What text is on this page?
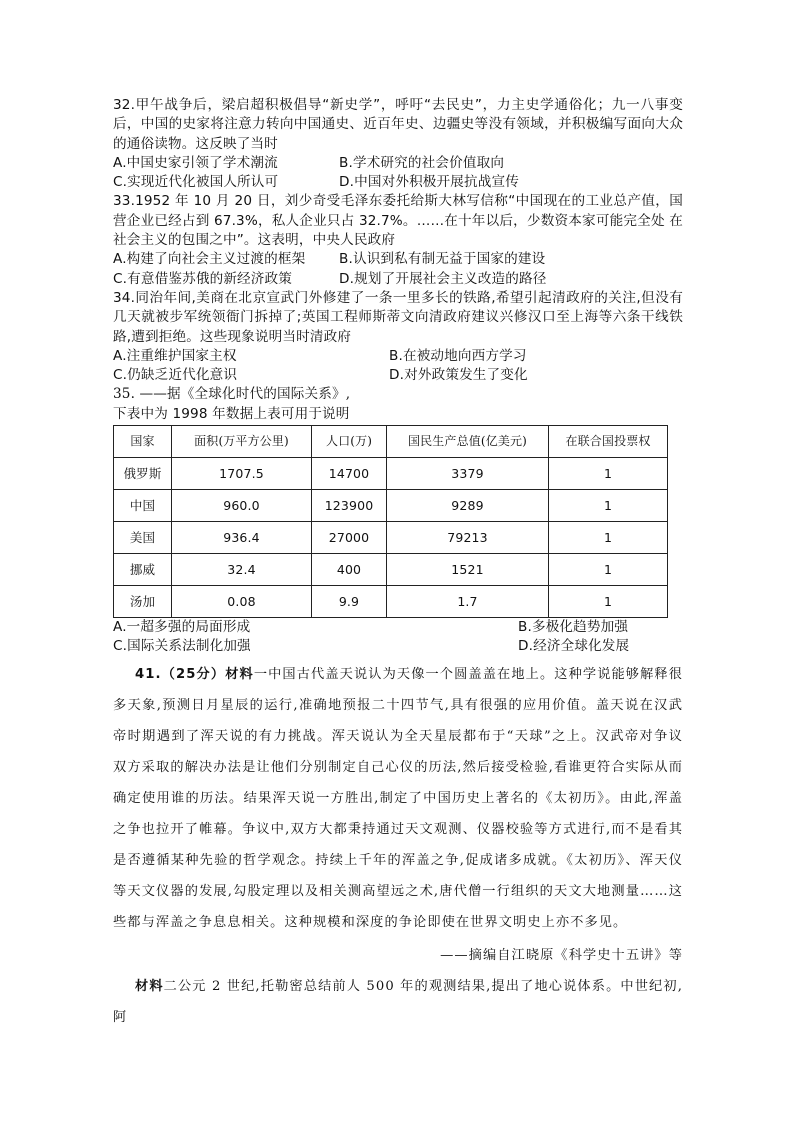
32.甲午战争后，梁启超积极倡导“新史学”，呼吁“去民史”，力主史学通俗化；九一八事变后，中国的史家将注意力转向中国通史、近百年史、边疆史等没有领域，并积极编写面向大众的通俗读物。这反映了当时

A.中国史家引领了学术潮流	B.学术研究的社会价值取向
C.实现近代化被国人所认可	D.中国对外积极开展抗战宣传

33.1952 年 10 月 20 日，刘少奇受毛泽东委托给斯大林写信称“中国现在的工业总产值，国营企业已经占到 67.3%，私人企业只占 32.7%。……在十年以后，少数资本家可能完全处 在社会主义的包围之中”。这表明，中央人民政府

A.构建了向社会主义过渡的框架	B.认识到私有制无益于国家的建设
C.有意借鉴苏俄的新经济政策	D.规划了开展社会主义改造的路径

34.同治年间,美商在北京宣武门外修建了一条一里多长的铁路,希望引起清政府的关注,但没有几天就被步军统领衙门拆掉了;英国工程师斯蒂文向清政府建议兴修汉口至上海等六条干线铁路,遭到拒绝。这些现象说明当时清政府

A.注重维护国家主权	B.在被动地向西方学习
C.仍缺乏近代化意识	D.对外政策发生了变化

35. ——据《全球化时代的国际关系》,

下表中为 1998 年数据上表可用于说明

国家	面积(万平方公里)	人口(万)	国民生产总值(亿美元)	在联合国投票权
俄罗斯	1707.5	14700	3379	1
中国	960.0	123900	9289	1
美国	936.4	27000	79213	1
挪威	32.4	400	1521	1
汤加	0.08	9.9	1.7	1
A.一超多强的局面形成	B.多极化趋势加强
C.国际关系法制化加强	D.经济全球化发展

41.（25分）材料一中国古代盖天说认为天像一个圆盖盖在地上。这种学说能够解释很多天象,预测日月星辰的运行,准确地预报二十四节气,具有很强的应用价值。盖天说在汉武帝时期遇到了浑天说的有力挑战。浑天说认为全天星辰都布于“天球”之上。汉武帝对争议双方采取的解决办法是让他们分别制定自己心仪的历法,然后接受检验,看谁更符合实际从而确定使用谁的历法。结果浑天说一方胜出,制定了中国历史上著名的《太初历》。由此,浑盖之争也拉开了帷幕。争议中,双方大都秉持通过天文观测、仪器校验等方式进行,而不是看其是否遵循某种先验的哲学观念。持续上千年的浑盖之争,促成诸多成就。《太初历》、浑天仪等天文仪器的发展,勾股定理以及相关测高望远之术,唐代僧一行组织的天文大地测量……这些都与浑盖之争息息相关。这种规模和深度的争论即使在世界文明史上亦不多见。

——摘编自江晓原《科学史十五讲》等

材料二公元 2 世纪,托勒密总结前人 500 年的观测结果,提出了地心说体系。中世纪初,阿
